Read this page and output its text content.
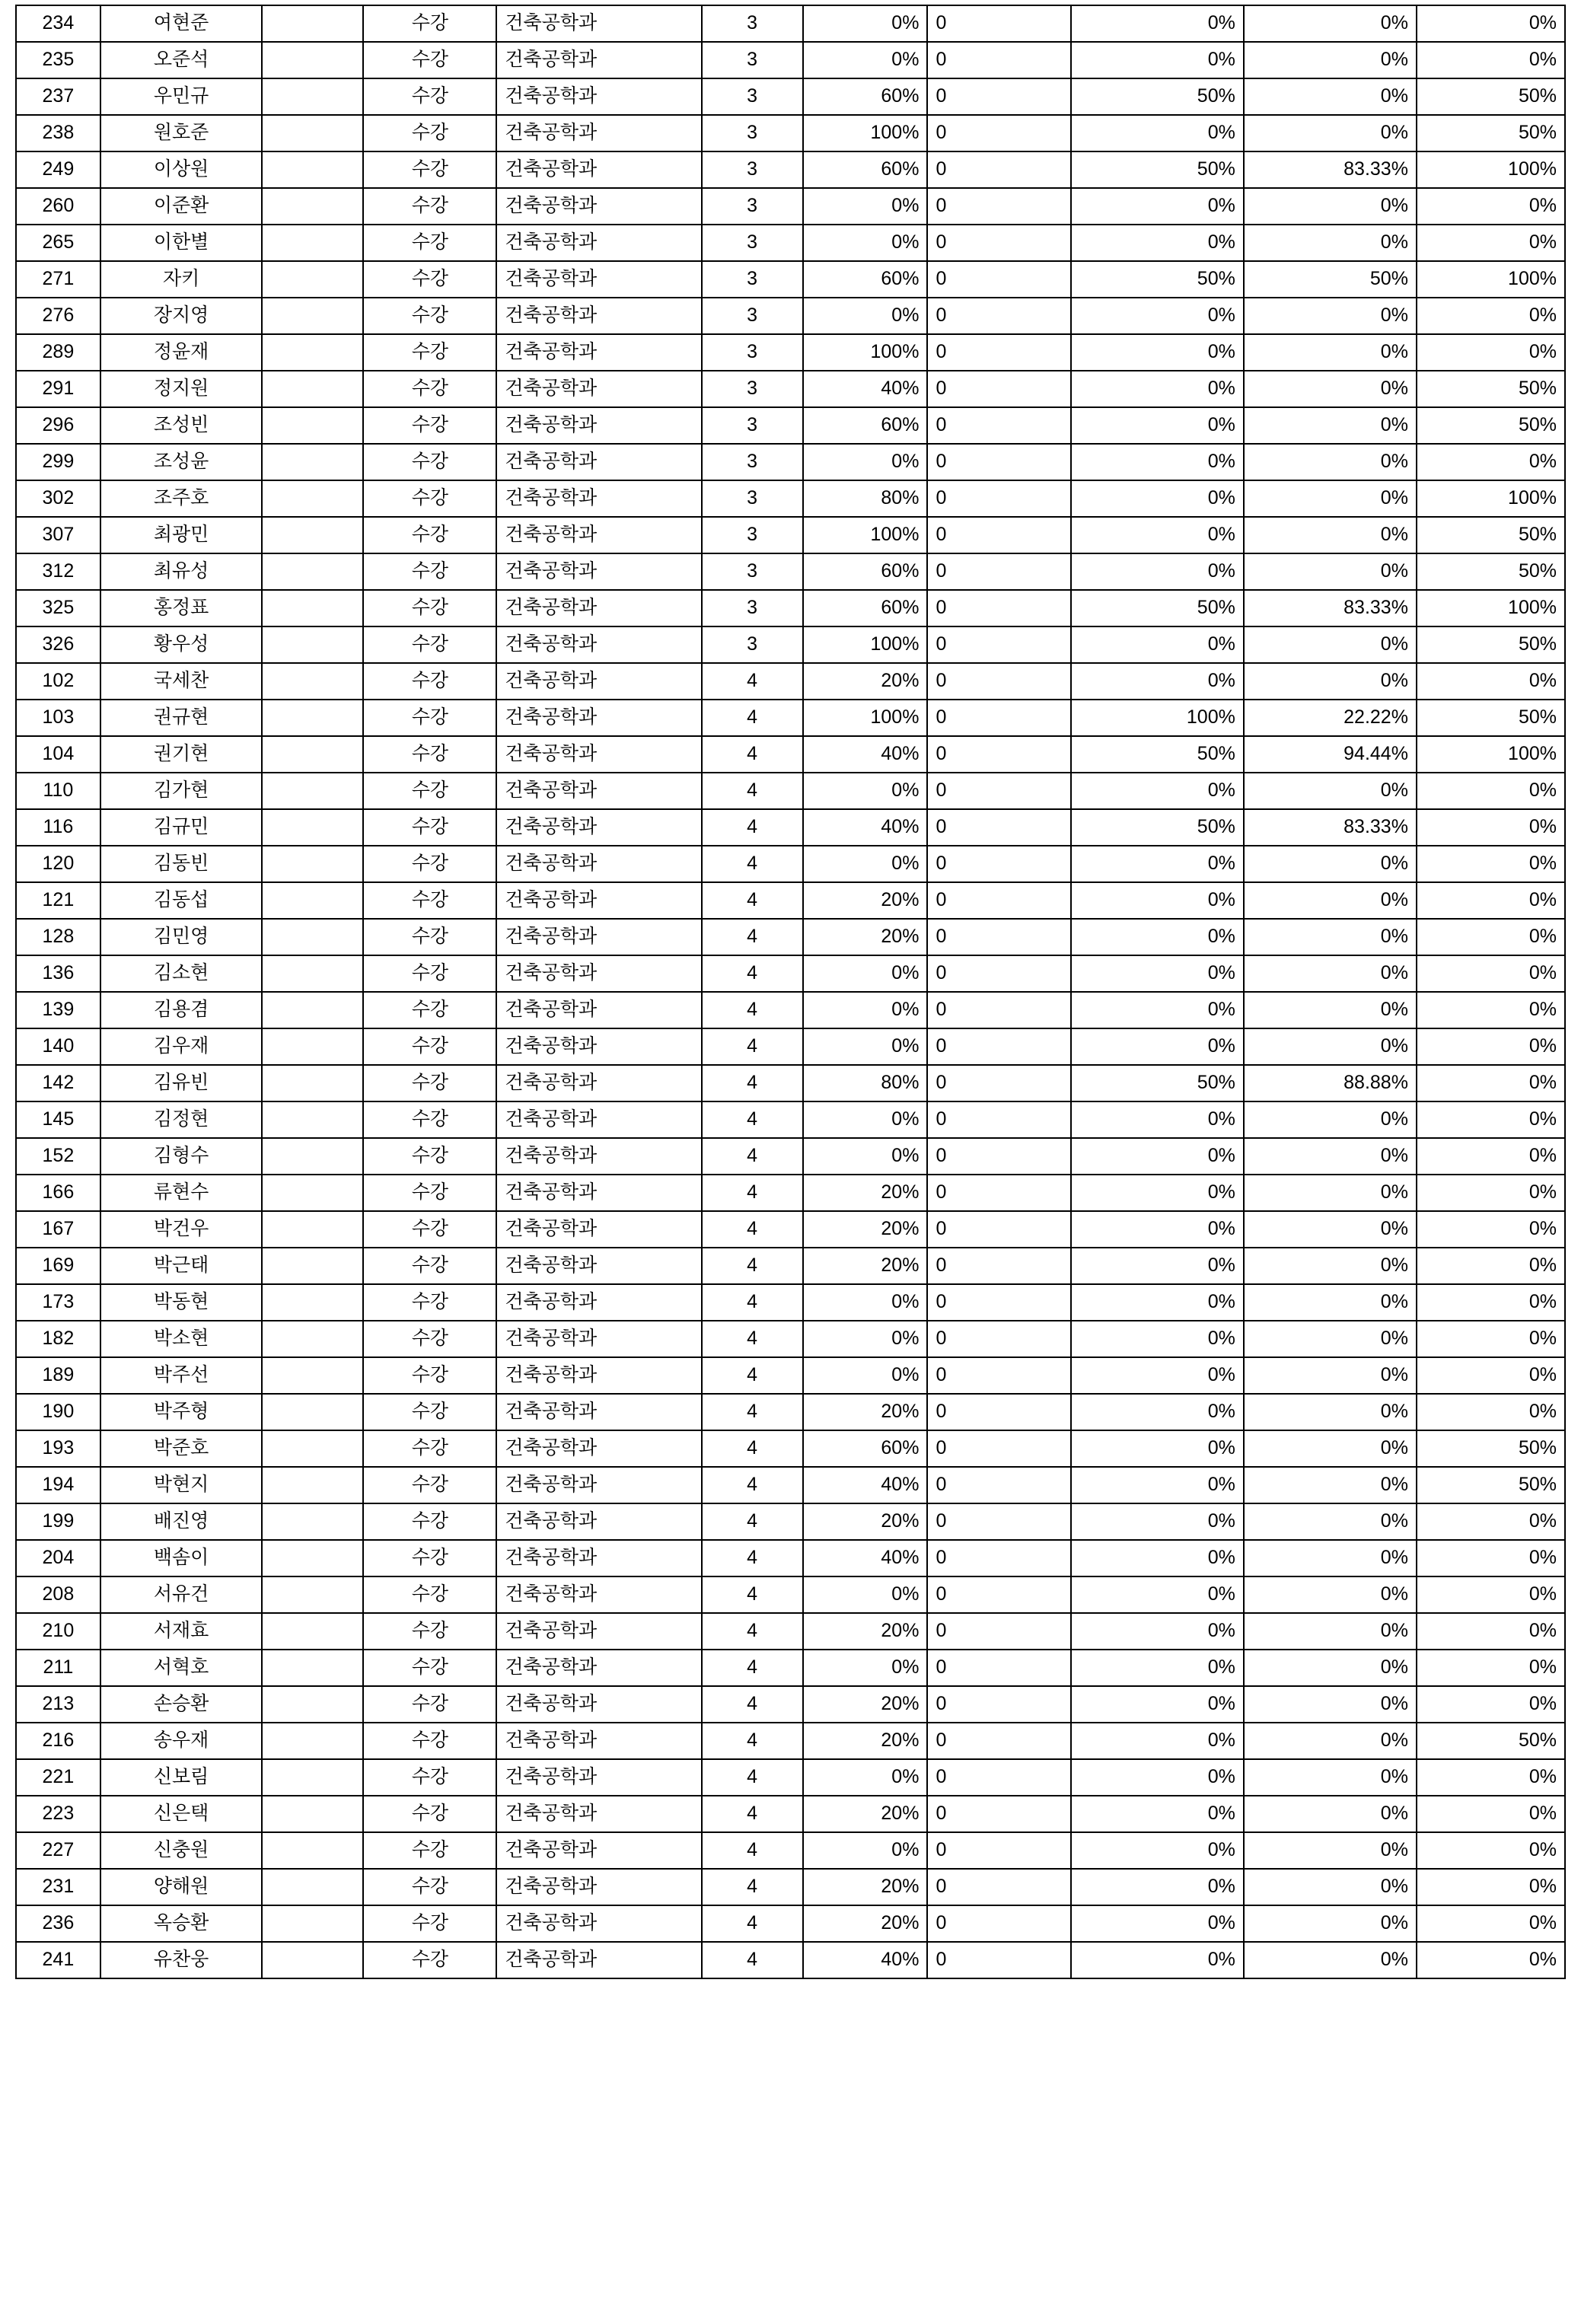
234	여현준		수강	건축공학과	3	0%	0	0%	0%	0%
235	오준석		수강	건축공학과	3	0%	0	0%	0%	0%
237	우민규		수강	건축공학과	3	60%	0	50%	0%	50%
238	원호준		수강	건축공학과	3	100%	0	0%	0%	50%
249	이상원		수강	건축공학과	3	60%	0	50%	83.33%	100%
260	이준환		수강	건축공학과	3	0%	0	0%	0%	0%
265	이한별		수강	건축공학과	3	0%	0	0%	0%	0%
271	자키		수강	건축공학과	3	60%	0	50%	50%	100%
276	장지영		수강	건축공학과	3	0%	0	0%	0%	0%
289	정윤재		수강	건축공학과	3	100%	0	0%	0%	0%
291	정지원		수강	건축공학과	3	40%	0	0%	0%	50%
296	조성빈		수강	건축공학과	3	60%	0	0%	0%	50%
299	조성윤		수강	건축공학과	3	0%	0	0%	0%	0%
302	조주호		수강	건축공학과	3	80%	0	0%	0%	100%
307	최광민		수강	건축공학과	3	100%	0	0%	0%	50%
312	최유성		수강	건축공학과	3	60%	0	0%	0%	50%
325	홍정표		수강	건축공학과	3	60%	0	50%	83.33%	100%
326	황우성		수강	건축공학과	3	100%	0	0%	0%	50%
102	국세찬		수강	건축공학과	4	20%	0	0%	0%	0%
103	권규현		수강	건축공학과	4	100%	0	100%	22.22%	50%
104	권기현		수강	건축공학과	4	40%	0	50%	94.44%	100%
110	김가현		수강	건축공학과	4	0%	0	0%	0%	0%
116	김규민		수강	건축공학과	4	40%	0	50%	83.33%	0%
120	김동빈		수강	건축공학과	4	0%	0	0%	0%	0%
121	김동섭		수강	건축공학과	4	20%	0	0%	0%	0%
128	김민영		수강	건축공학과	4	20%	0	0%	0%	0%
136	김소현		수강	건축공학과	4	0%	0	0%	0%	0%
139	김용겸		수강	건축공학과	4	0%	0	0%	0%	0%
140	김우재		수강	건축공학과	4	0%	0	0%	0%	0%
142	김유빈		수강	건축공학과	4	80%	0	50%	88.88%	0%
145	김정현		수강	건축공학과	4	0%	0	0%	0%	0%
152	김형수		수강	건축공학과	4	0%	0	0%	0%	0%
166	류현수		수강	건축공학과	4	20%	0	0%	0%	0%
167	박건우		수강	건축공학과	4	20%	0	0%	0%	0%
169	박근태		수강	건축공학과	4	20%	0	0%	0%	0%
173	박동현		수강	건축공학과	4	0%	0	0%	0%	0%
182	박소현		수강	건축공학과	4	0%	0	0%	0%	0%
189	박주선		수강	건축공학과	4	0%	0	0%	0%	0%
190	박주형		수강	건축공학과	4	20%	0	0%	0%	0%
193	박준호		수강	건축공학과	4	60%	0	0%	0%	50%
194	박현지		수강	건축공학과	4	40%	0	0%	0%	50%
199	배진영		수강	건축공학과	4	20%	0	0%	0%	0%
204	백솜이		수강	건축공학과	4	40%	0	0%	0%	0%
208	서유건		수강	건축공학과	4	0%	0	0%	0%	0%
210	서재효		수강	건축공학과	4	20%	0	0%	0%	0%
211	서혁호		수강	건축공학과	4	0%	0	0%	0%	0%
213	손승환		수강	건축공학과	4	20%	0	0%	0%	0%
216	송우재		수강	건축공학과	4	20%	0	0%	0%	50%
221	신보림		수강	건축공학과	4	0%	0	0%	0%	0%
223	신은택		수강	건축공학과	4	20%	0	0%	0%	0%
227	신충원		수강	건축공학과	4	0%	0	0%	0%	0%
231	양해원		수강	건축공학과	4	20%	0	0%	0%	0%
236	옥승환		수강	건축공학과	4	20%	0	0%	0%	0%
241	유찬웅		수강	건축공학과	4	40%	0	0%	0%	0%
